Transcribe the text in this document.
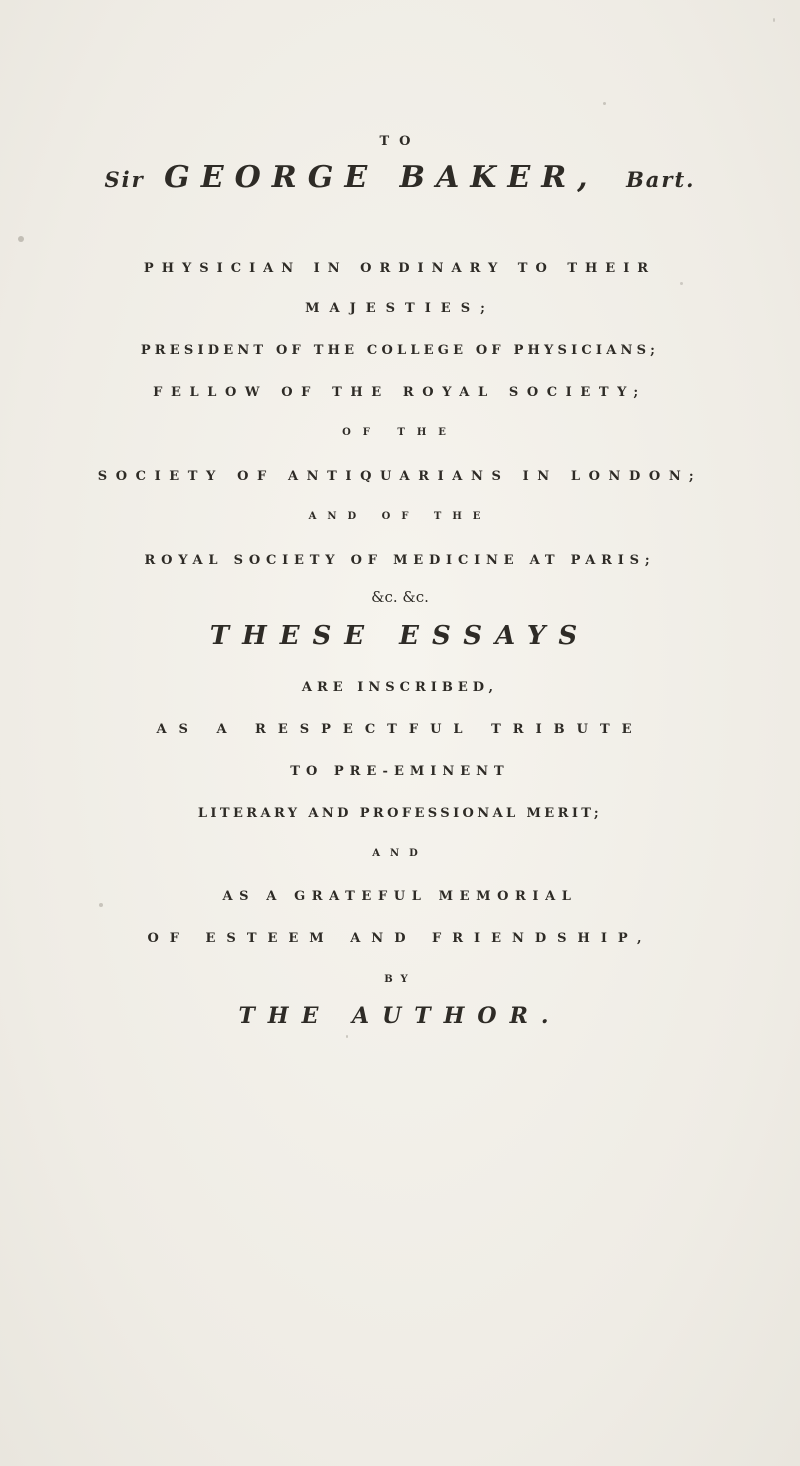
TO
Sir GEORGE BAKER, Bart.
PHYSICIAN IN ORDINARY TO THEIR
MAJESTIES;
PRESIDENT OF THE COLLEGE OF PHYSICIANS;
FELLOW OF THE ROYAL SOCIETY;
OF THE
SOCIETY OF ANTIQUARIANS IN LONDON;
AND OF THE
ROYAL SOCIETY OF MEDICINE AT PARIS;
&c. &c.
THESE ESSAYS
ARE INSCRIBED,
AS A RESPECTFUL TRIBUTE
TO PRE-EMINENT
LITERARY AND PROFESSIONAL MERIT;
AND
AS A GRATEFUL MEMORIAL
OF ESTEEM AND FRIENDSHIP,
BY
THE AUTHOR.
